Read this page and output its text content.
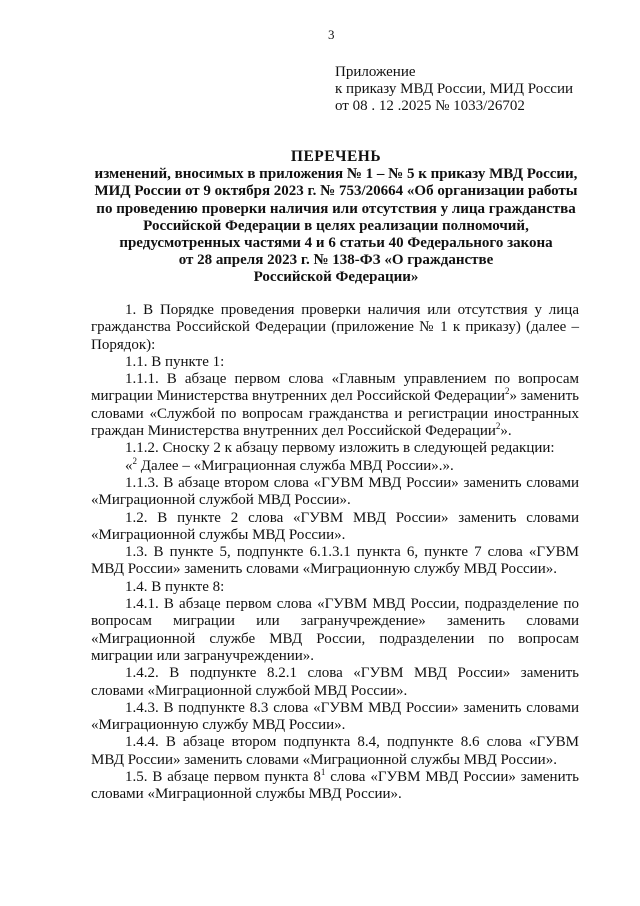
3
Приложение
к приказу МВД России, МИД России
от 08 . 12 .2025 № 1033/26702
ПЕРЕЧЕНЬ
изменений, вносимых в приложения № 1 – № 5 к приказу МВД России,
МИД России от 9 октября 2023 г. № 753/20664 «Об организации работы
по проведению проверки наличия или отсутствия у лица гражданства
Российской Федерации в целях реализации полномочий,
предусмотренных частями 4 и 6 статьи 40 Федерального закона
от 28 апреля 2023 г. № 138-ФЗ «О гражданстве
Российской Федерации»

1. В Порядке проведения проверки наличия или отсутствия у лица гражданства Российской Федерации (приложение № 1 к приказу) (далее – Порядок):

1.1. В пункте 1:

1.1.1. В абзаце первом слова «Главным управлением по вопросам миграции Министерства внутренних дел Российской Федерации$^2$» заменить словами «Службой по вопросам гражданства и регистрации иностранных граждан Министерства внутренних дел Российской Федерации$^2$».

1.1.2. Сноску 2 к абзацу первому изложить в следующей редакции:

«$^2$ Далее – «Миграционная служба МВД России».».

1.1.3. В абзаце втором слова «ГУВМ МВД России» заменить словами «Миграционной службой МВД России».

1.2. В пункте 2 слова «ГУВМ МВД России» заменить словами «Миграционной службы МВД России».

1.3. В пункте 5, подпункте 6.1.3.1 пункта 6, пункте 7 слова «ГУВМ МВД России» заменить словами «Миграционную службу МВД России».

1.4. В пункте 8:

1.4.1. В абзаце первом слова «ГУВМ МВД России, подразделение по вопросам миграции или загранучреждение» заменить словами «Миграционной службе МВД России, подразделении по вопросам миграции или загранучреждении».

1.4.2. В подпункте 8.2.1 слова «ГУВМ МВД России» заменить словами «Миграционной службой МВД России».

1.4.3. В подпункте 8.3 слова «ГУВМ МВД России» заменить словами «Миграционную службу МВД России».

1.4.4. В абзаце втором подпункта 8.4, подпункте 8.6 слова «ГУВМ МВД России» заменить словами «Миграционной службы МВД России».

1.5. В абзаце первом пункта $8^1$ слова «ГУВМ МВД России» заменить словами «Миграционной службы МВД России».
